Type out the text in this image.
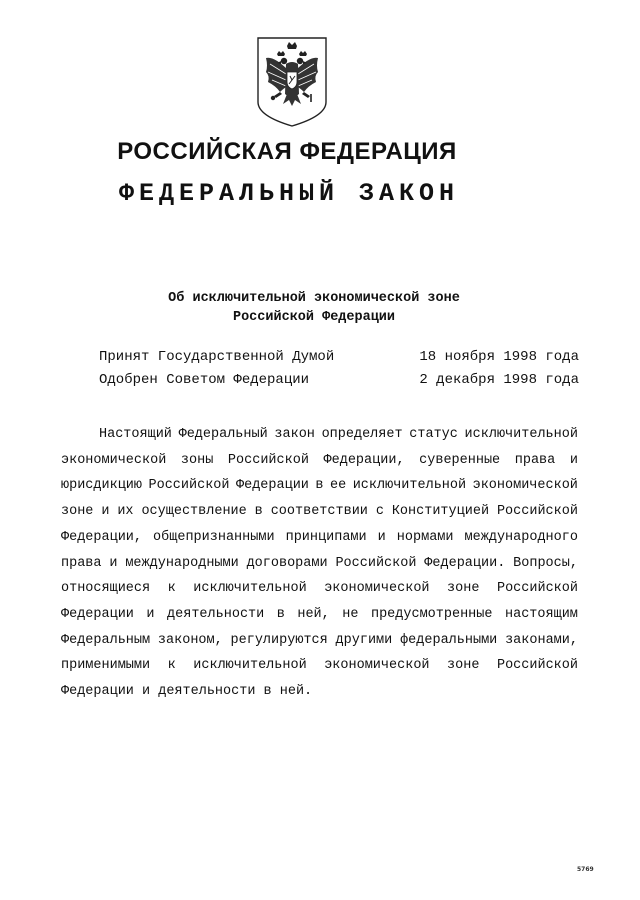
РОССИЙСКАЯ ФЕДЕРАЦИЯ
ФЕДЕРАЛЬНЫЙ ЗАКОН
Об исключительной экономической зоне
Российской Федерации
Принят Государственной Думой	18 ноября 1998 года
Одобрен Советом Федерации	2 декабря 1998 года
Настоящий Федеральный закон определяет статус исключительной
экономической зоны Российской Федерации, суверенные права и
юрисдикцию Российской Федерации в ее исключительной экономической
зоне и их осуществление в соответствии с Конституцией Российской
Федерации, общепризнанными принципами и нормами международного
права и международными договорами Российской Федерации. Вопросы,
относящиеся к исключительной экономической зоне Российской
Федерации и деятельности в ней, не предусмотренные настоящим
Федеральным законом, регулируются другими федеральными законами,
применимыми к исключительной экономической зоне Российской
Федерации и деятельности в ней.
5769
